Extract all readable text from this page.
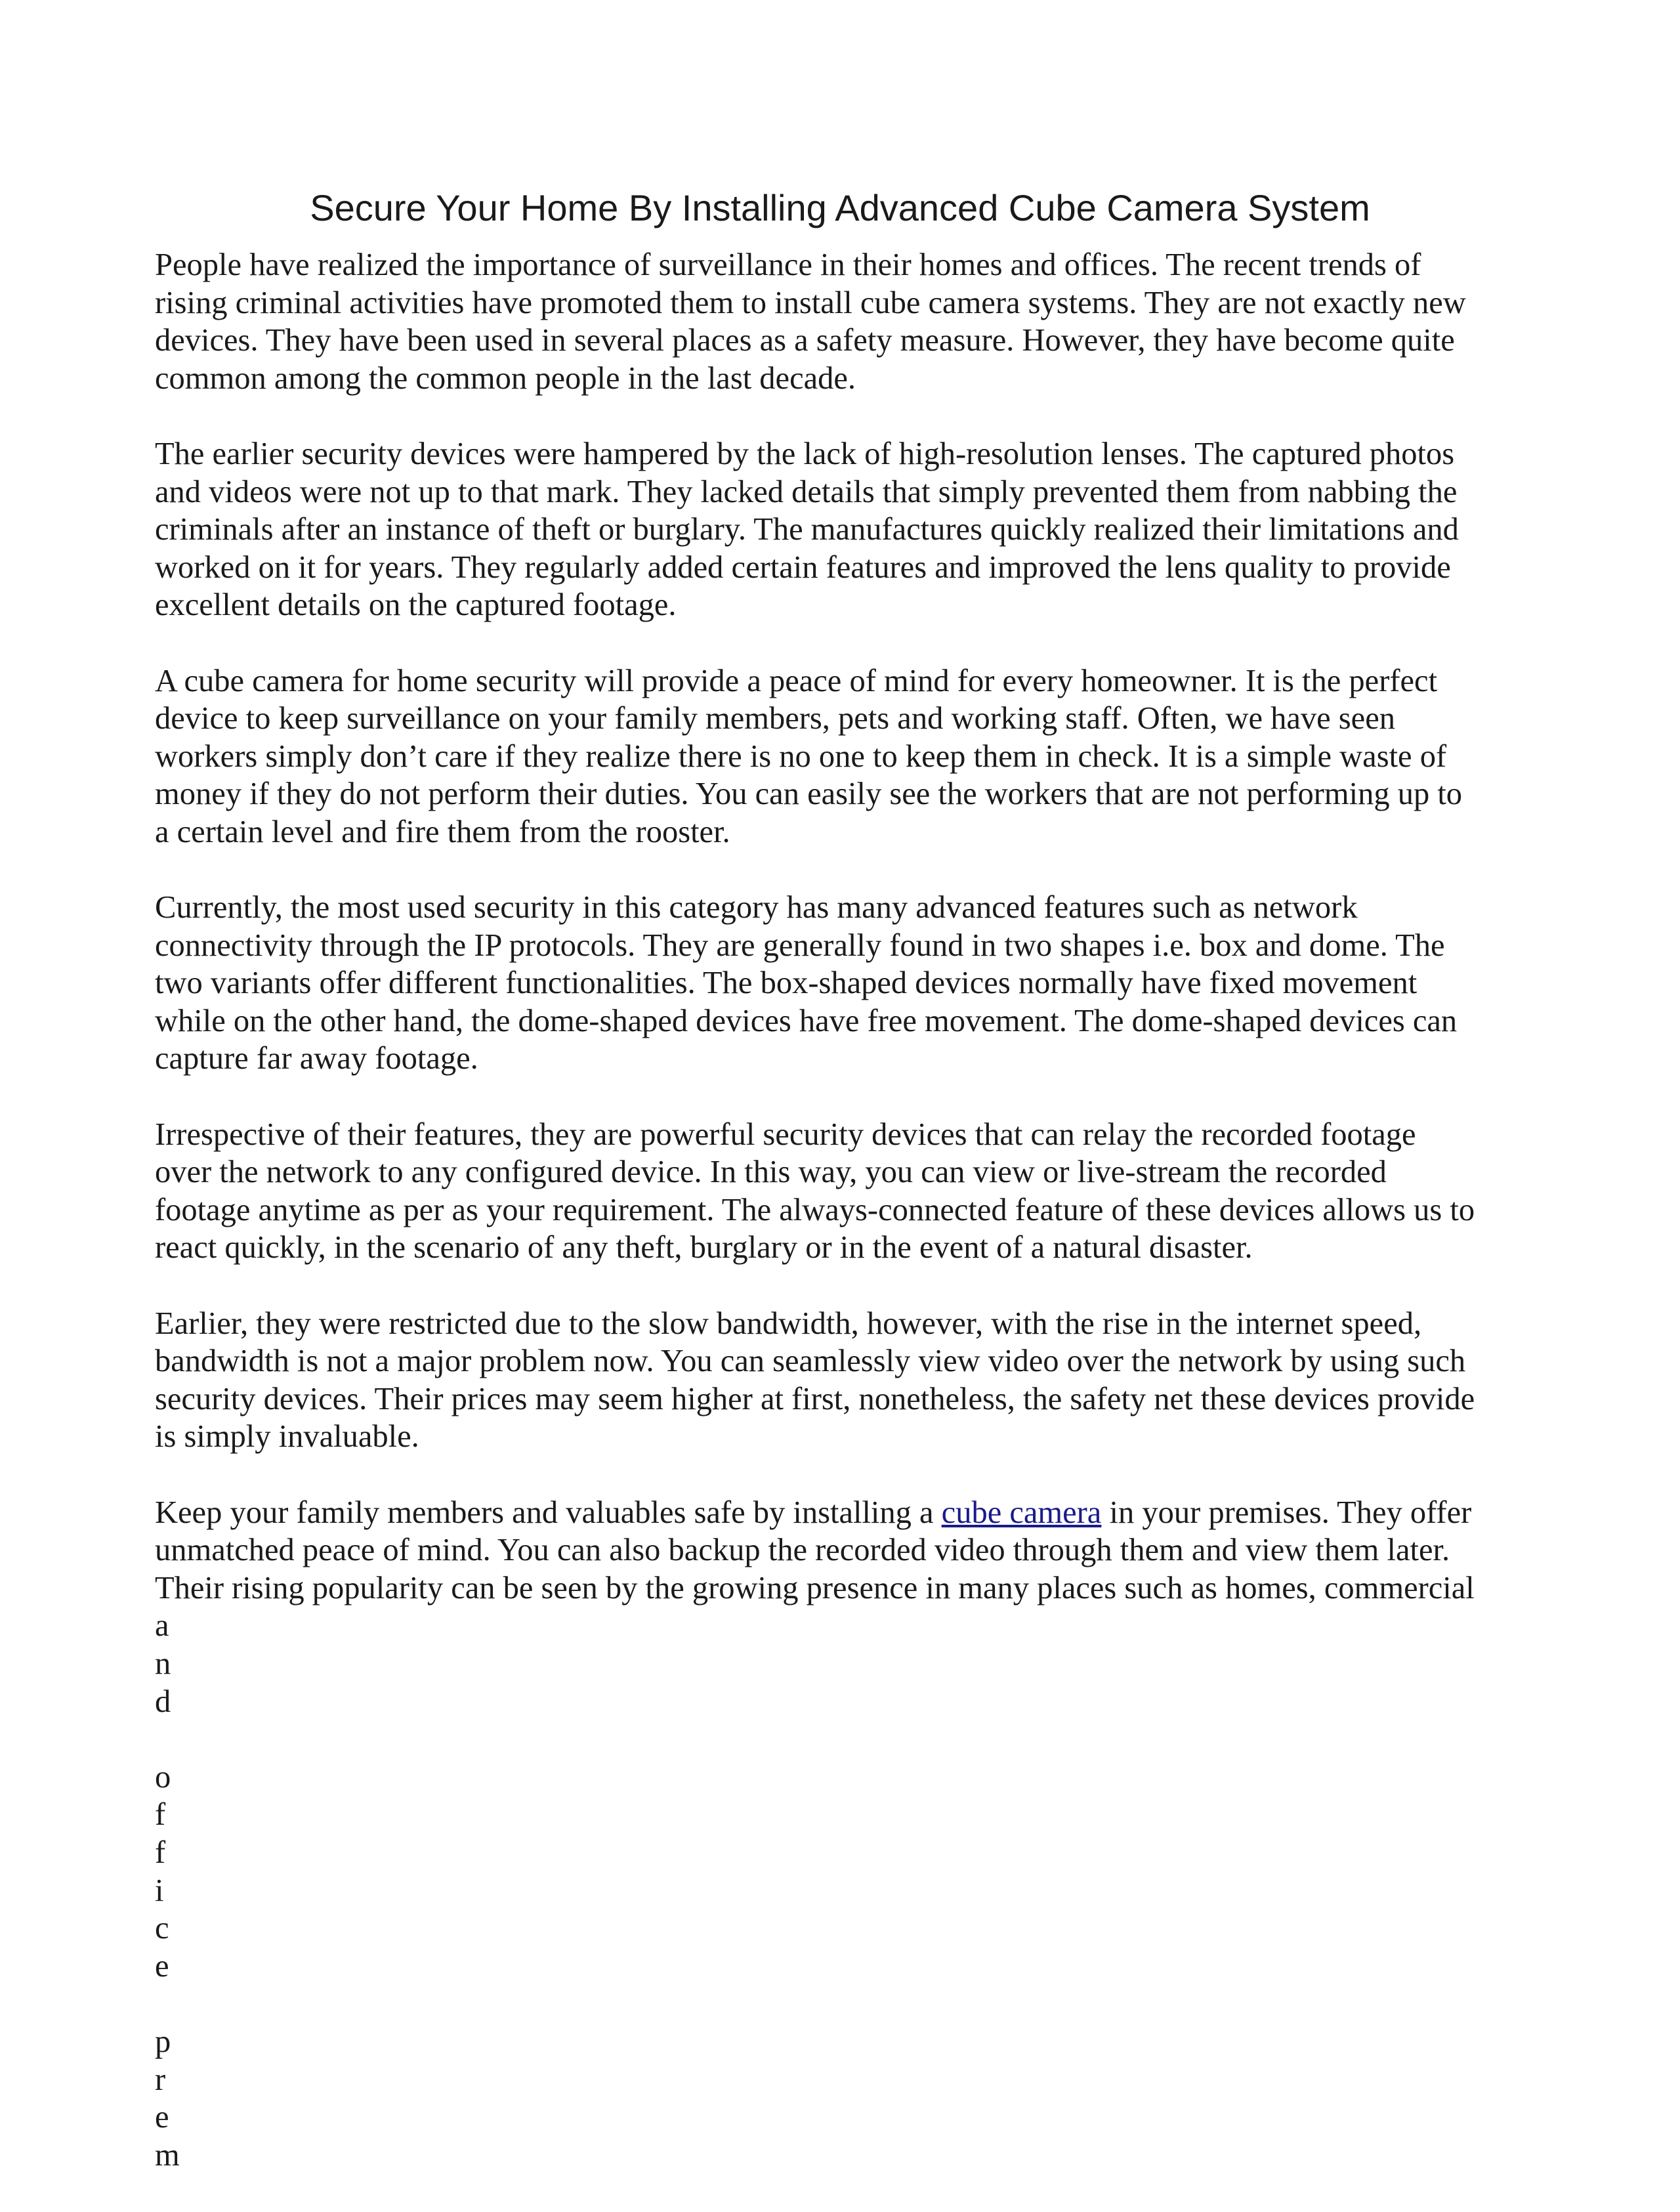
Secure Your Home By Installing Advanced Cube Camera System
People have realized the importance of surveillance in their homes and offices. The recent trends of
rising criminal activities have promoted them to install cube camera systems. They are not exactly new
devices. They have been used in several places as a safety measure. However, they have become quite
common among the common people in the last decade.
The earlier security devices were hampered by the lack of high-resolution lenses. The captured photos
and videos were not up to that mark. They lacked details that simply prevented them from nabbing the
criminals after an instance of theft or burglary. The manufactures quickly realized their limitations and
worked on it for years. They regularly added certain features and improved the lens quality to provide
excellent details on the captured footage.
A cube camera for home security will provide a peace of mind for every homeowner. It is the perfect
device to keep surveillance on your family members, pets and working staff. Often, we have seen
workers simply don’t care if they realize there is no one to keep them in check. It is a simple waste of
money if they do not perform their duties. You can easily see the workers that are not performing up to
a certain level and fire them from the rooster.
Currently, the most used security in this category has many advanced features such as network
connectivity through the IP protocols. They are generally found in two shapes i.e. box and dome. The
two variants offer different functionalities. The box-shaped devices normally have fixed movement
while on the other hand, the dome-shaped devices have free movement. The dome-shaped devices can
capture far away footage.
Irrespective of their features, they are powerful security devices that can relay the recorded footage
over the network to any configured device. In this way, you can view or live-stream the recorded
footage anytime as per as your requirement. The always-connected feature of these devices allows us to
react quickly, in the scenario of any theft, burglary or in the event of a natural disaster.
Earlier, they were restricted due to the slow bandwidth, however, with the rise in the internet speed,
bandwidth is not a major problem now. You can seamlessly view video over the network by using such
security devices. Their prices may seem higher at first, nonetheless, the safety net these devices provide
is simply invaluable.
Keep your family members and valuables safe by installing a cube camera in your premises. They offer
unmatched peace of mind. You can also backup the recorded video through them and view them later.
Their rising popularity can be seen by the growing presence in many places such as homes, commercial
a
n
d
o
f
f
i
c
e
p
r
e
m
